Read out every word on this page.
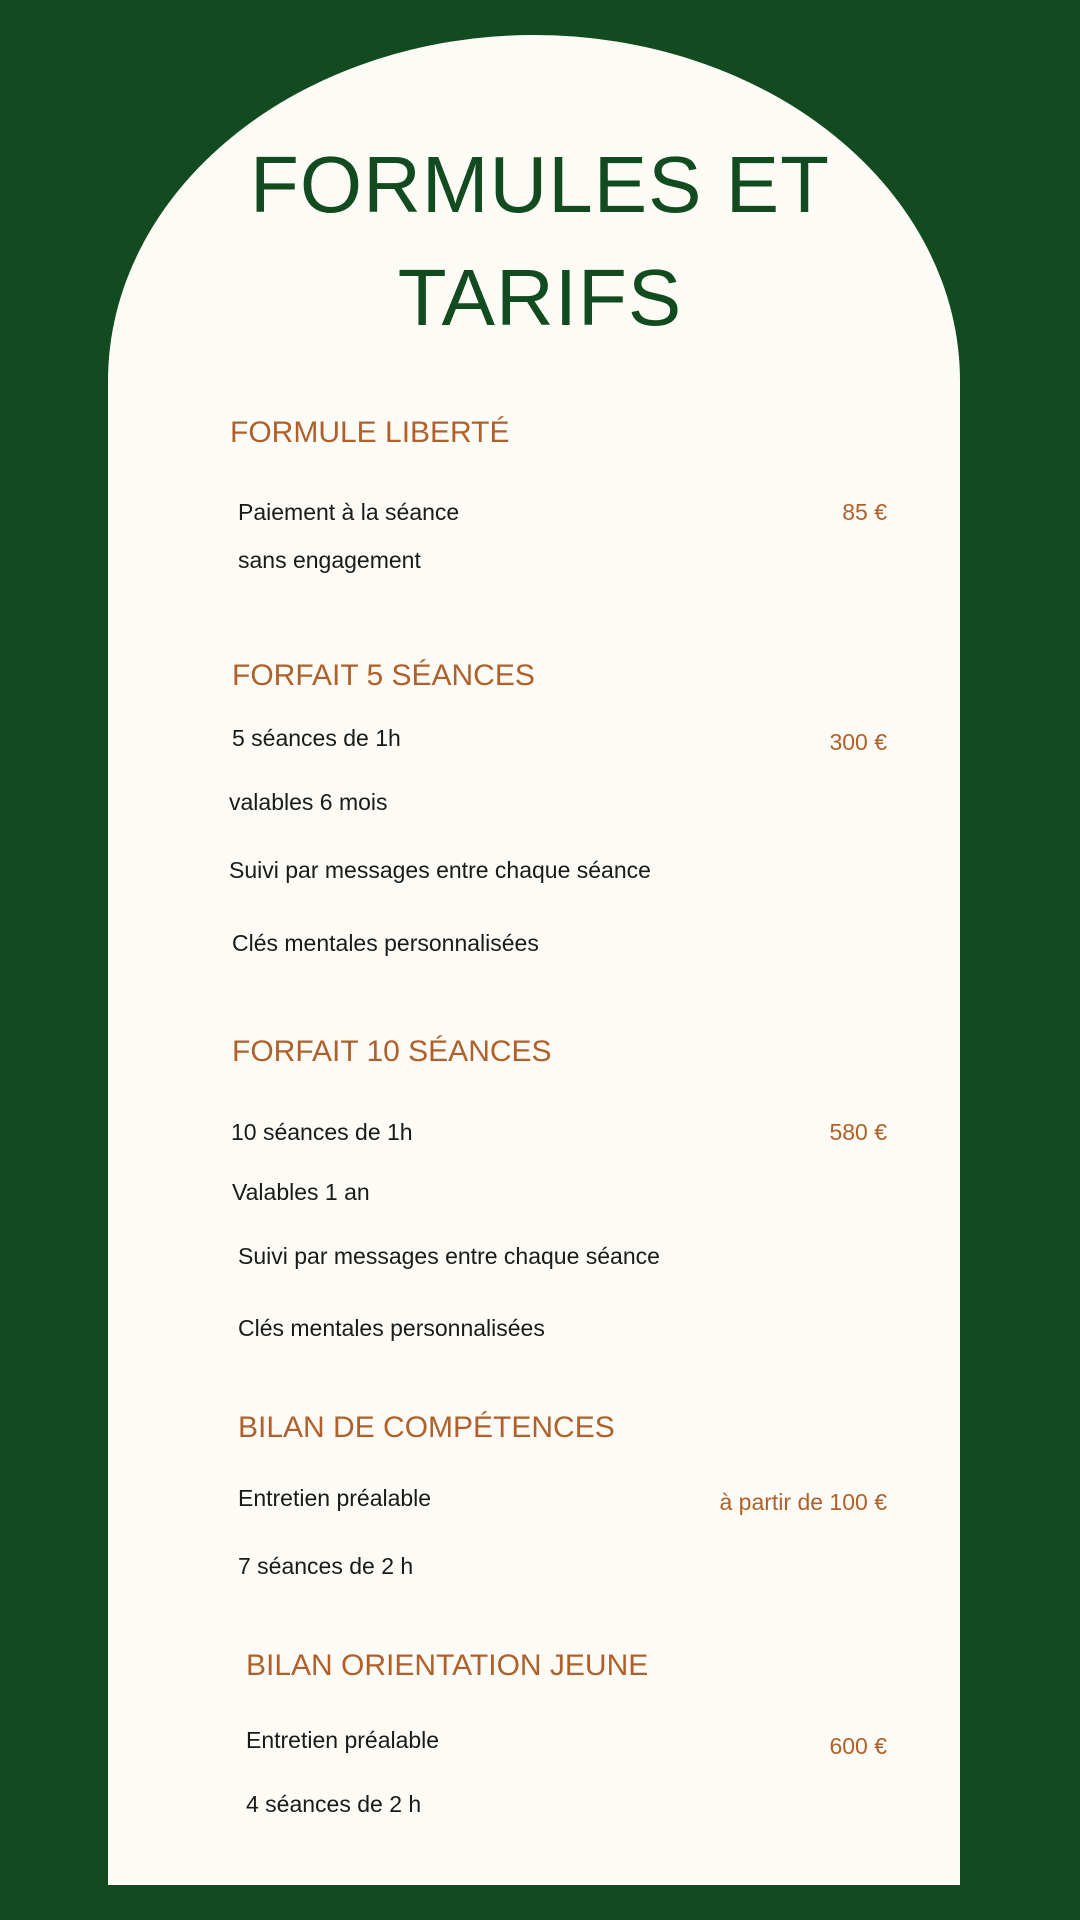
FORMULES ET
TARIFS
FORMULE LIBERTÉ
Paiement à la séance	85 €
sans engagement
FORFAIT 5 SÉANCES
5 séances de 1h	300 €
valables 6 mois
Suivi par messages entre chaque séance
Clés mentales personnalisées
FORFAIT 10 SÉANCES
10 séances de 1h	580 €
Valables 1 an
Suivi par messages entre chaque séance
Clés mentales personnalisées
BILAN DE COMPÉTENCES
Entretien préalable	à partir de 100 €
7 séances de 2 h
BILAN ORIENTATION JEUNE
Entretien préalable	600 €
4 séances de 2 h
